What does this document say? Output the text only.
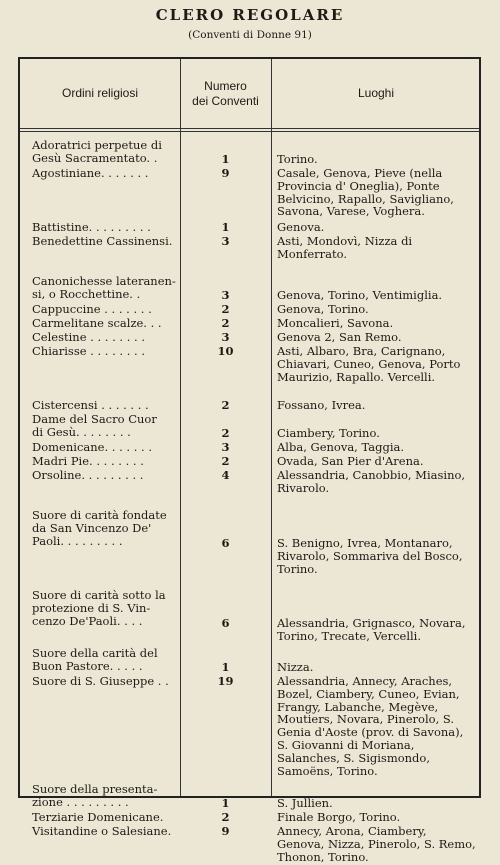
CLERO REGOLARE
(Conventi di Donne 91)
Ordini religiosi
Numero
dei Conventi
Luoghi
Adoratrici perpetue di
Gesù Sacramentato. .	1	Torino.
Agostiniane. . . . . . .	9	Casale, Genova, Pieve (nella Provincia d' Oneglia), Ponte Belvicino, Rapallo, Savigliano, Savona, Varese, Voghera.
Battistine. . . . . . . . .	1	Genova.
Benedettine Cassinensi.	3	Asti, Mondovì, Nizza di Monferrato.
Canonichesse lateranen-
si, o Rocchettine. .	3	Genova, Torino, Ventimiglia.
Cappuccine . . . . . . .	2	Genova, Torino.
Carmelitane scalze. . .	2	Moncalieri, Savona.
Celestine . . . . . . . .	3	Genova 2, San Remo.
Chiarisse . . . . . . . .	10	Asti, Albaro, Bra, Carignano, Chiavari, Cuneo, Genova, Porto Maurizio, Rapallo. Vercelli.
Cistercensi . . . . . . .	2	Fossano, Ivrea.
Dame del Sacro Cuor
di Gesù. . . . . . . .	2	Ciambery, Torino.
Domenicane. . . . . . .	3	Alba, Genova, Taggia.
Madri Pie. . . . . . . .	2	Ovada, San Pier d'Arena.
Orsoline. . . . . . . . .	4	Alessandria, Canobbio, Miasino, Rivarolo.
Suore di carità fondate
da San Vincenzo De'
Paoli. . . . . . . . .	6	S. Benigno, Ivrea, Montanaro, Rivarolo, Sommariva del Bosco, Torino.
Suore di carità sotto la
protezione di S. Vin-
cenzo De'Paoli. . . .	6	Alessandria, Grignasco, Novara, Torino, Trecate, Vercelli.
Suore della carità del
Buon Pastore. . . . .	1	Nizza.
Suore di S. Giuseppe . .	19	Alessandria, Annecy, Araches, Bozel, Ciambery, Cuneo, Evian, Frangy, Labanche, Megève, Moutiers, Novara, Pinerolo, S. Genia d'Aoste (prov. di Savona), S. Giovanni di Moriana, Salanches, S. Sigismondo, Samoëns, Torino.
Suore della presenta-
zione . . . . . . . . .	1	S. Jullien.
Terziarie Domenicane.	2	Finale Borgo, Torino.
Visitandine o Salesiane.	9	Annecy, Arona, Ciambery, Genova, Nizza, Pinerolo, S. Remo, Thonon, Torino.
